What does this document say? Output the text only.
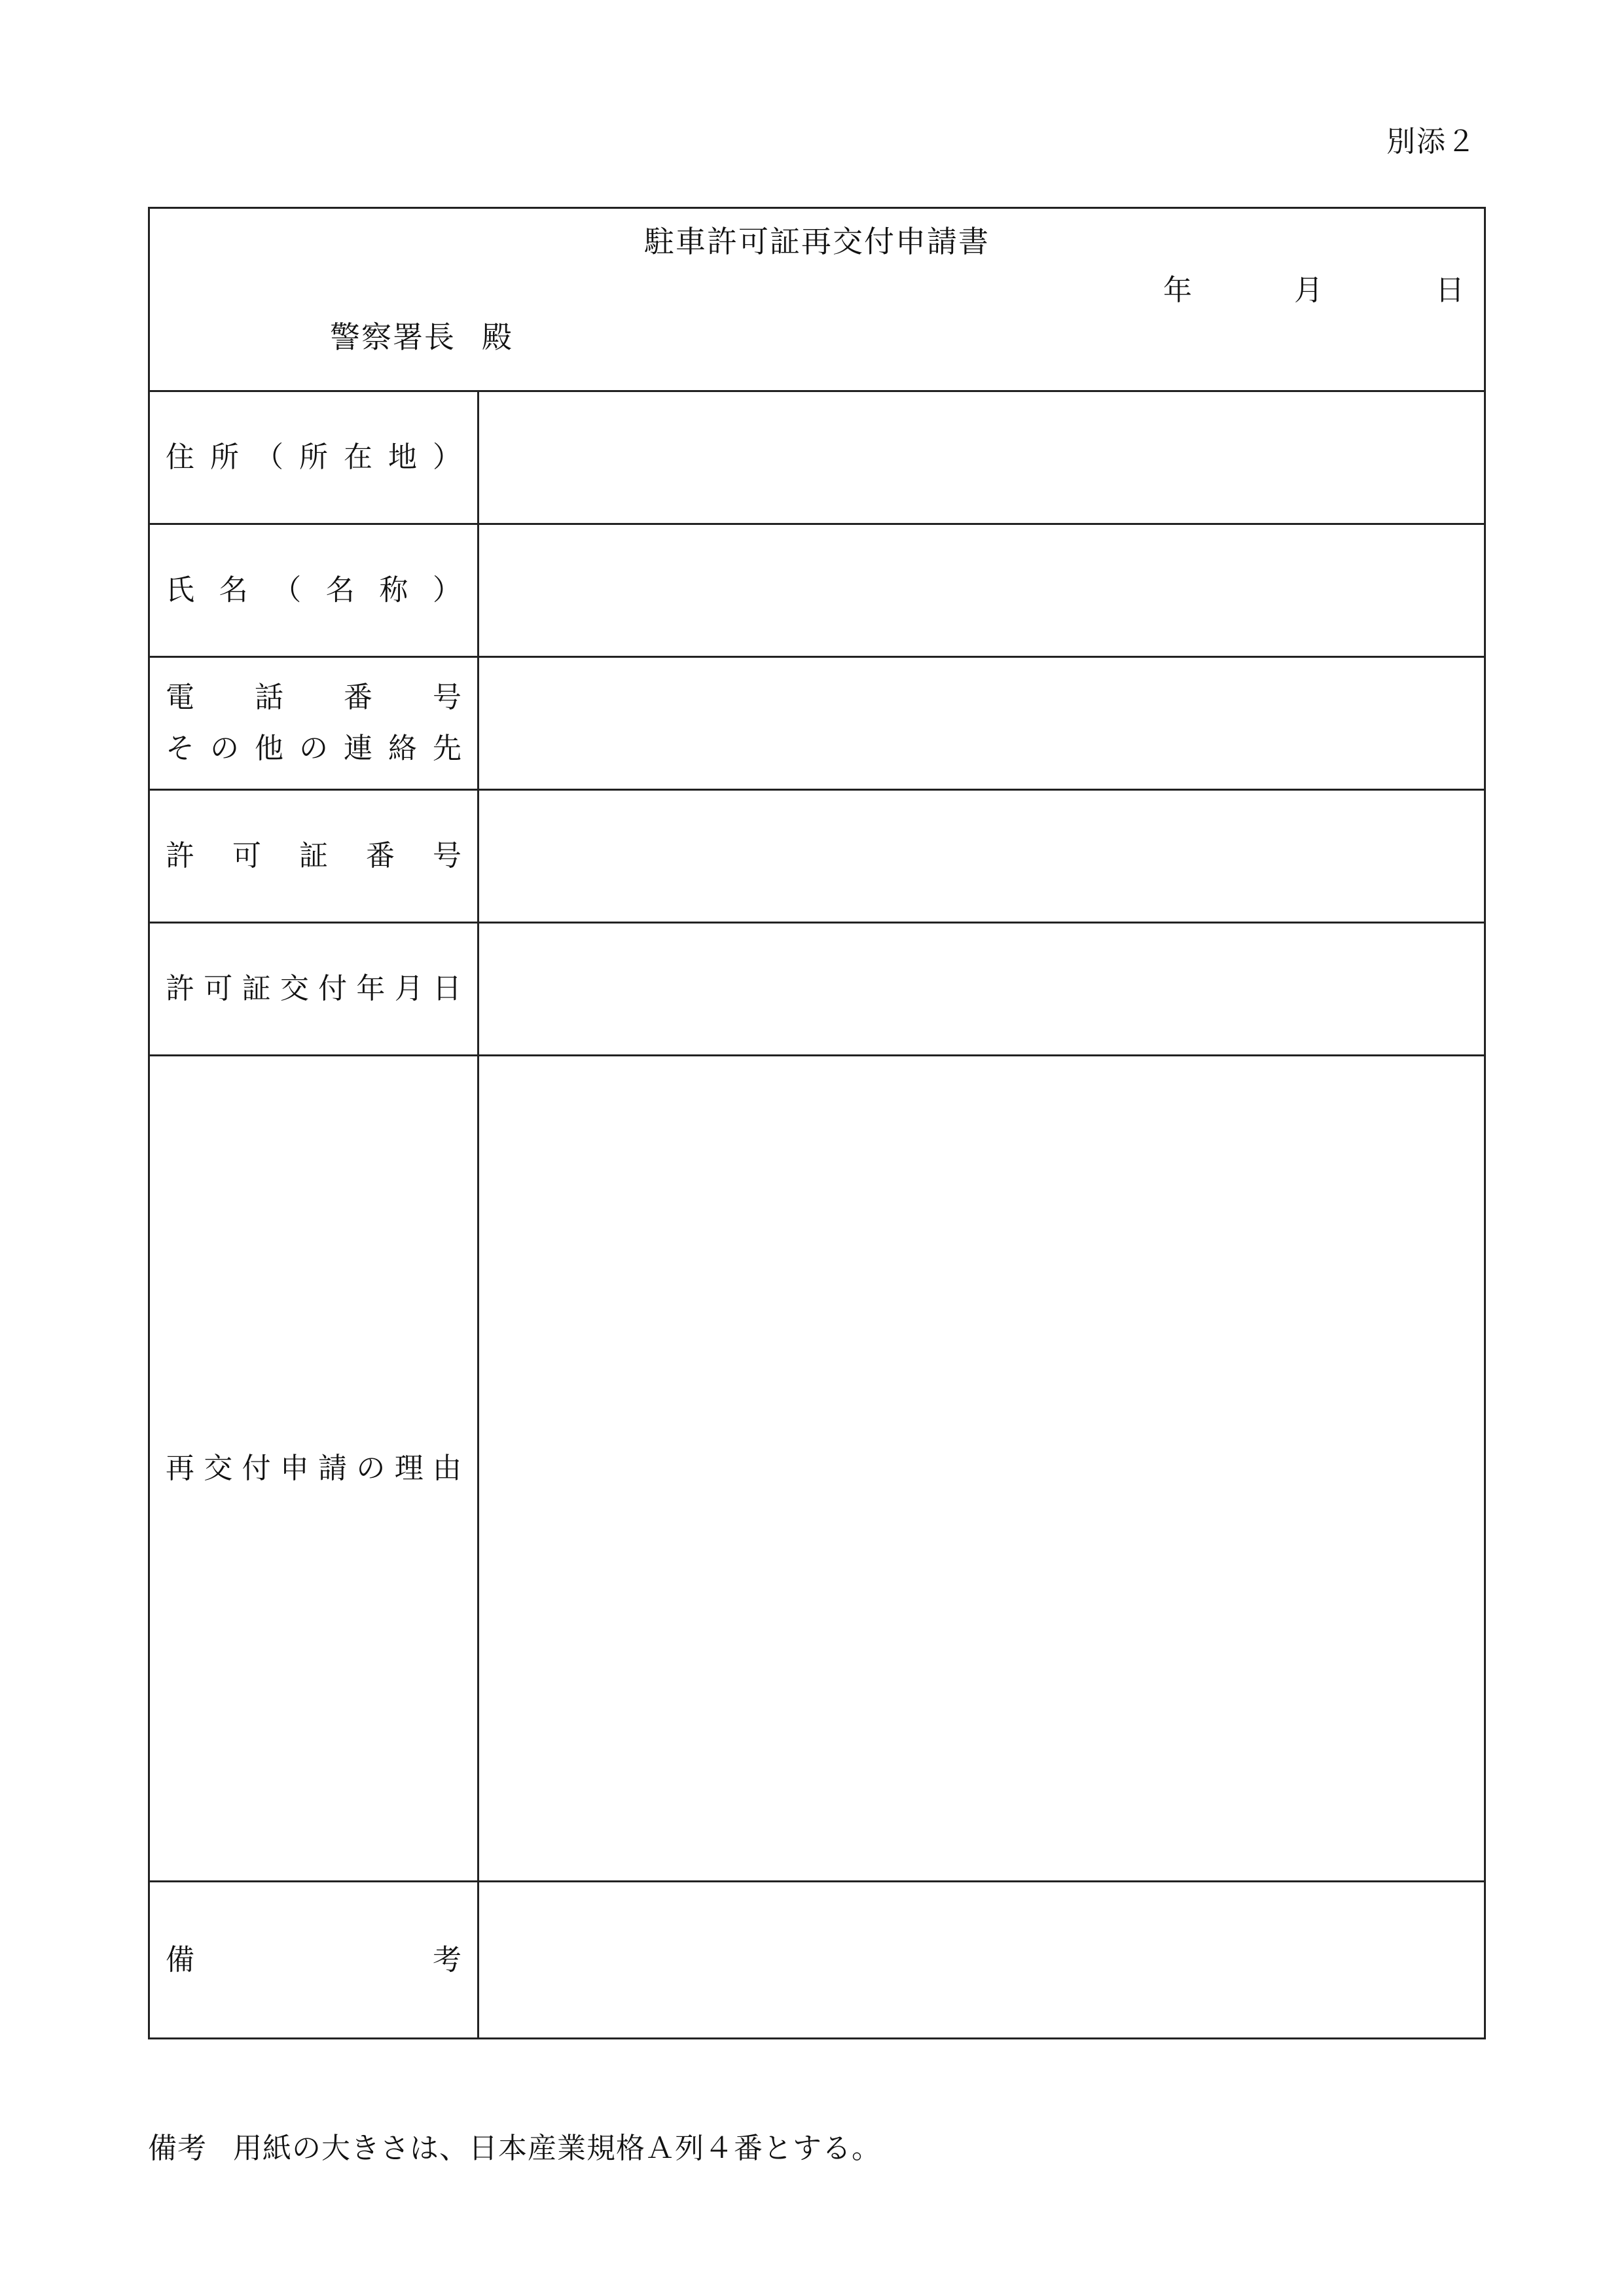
別添２
駐車許可証再交付申請書
年	月	日
警察署長 殿
住 所 （ 所 在 地 ）
氏 名 （ 名 称 ）
電 話 番 号
そ の 他 の 連 絡 先
許 可 証 番 号
許 可 証 交 付 年 月 日
再 交 付 申 請 の 理 由
備 考
備考 用紙の大きさは、日本産業規格Ａ列４番とする。
